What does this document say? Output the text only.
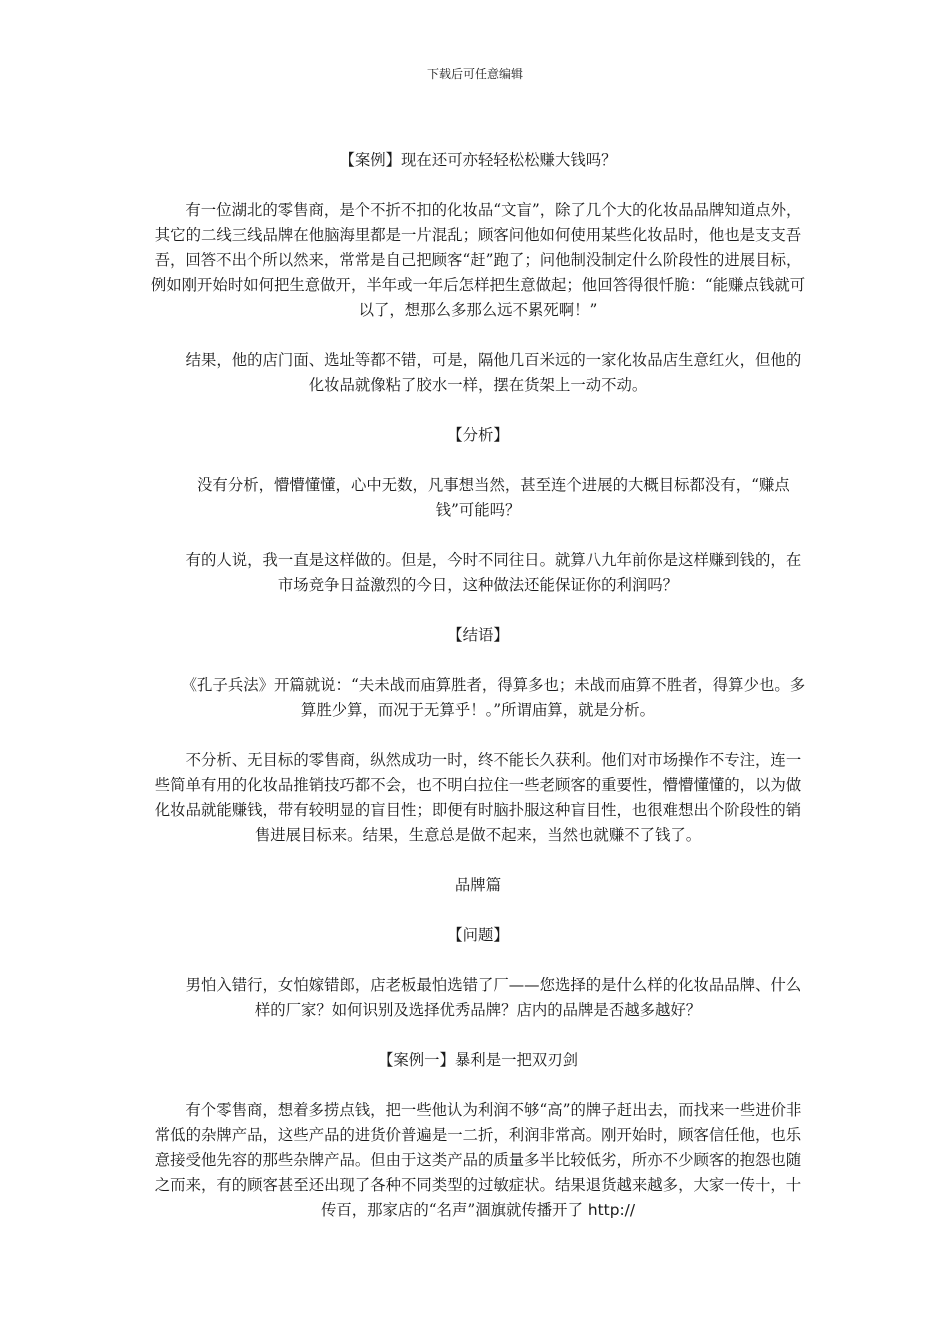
下载后可任意编辑

【案例】现在还可亦轻轻松松赚大钱吗？

有一位湖北的零售商，是个不折不扣的化妆品“文盲”，除了几个大的化妆品品牌知道点外，其它的二线三线品牌在他脑海里都是一片混乱；顾客问他如何使用某些化妆品时，他也是支支吾吾，回答不出个所以然来，常常是自己把顾客“赶”跑了；问他制没制定什么阶段性的进展目标，例如刚开始时如何把生意做开，半年或一年后怎样把生意做起；他回答得很忏脆：“能赚点钱就可以了，想那么多那么远不累死啊！”

结果，他的店门面、选址等都不错，可是，隔他几百米远的一家化妆品店生意红火，但他的化妆品就像粘了胶水一样，摆在货架上一动不动。

【分析】

没有分析，懵懵懂懂，心中无数，凡事想当然，甚至连个进展的大概目标都没有，“赚点钱”可能吗？

有的人说，我一直是这样做的。但是，今时不同往日。就算八九年前你是这样赚到钱的，在市场竞争日益激烈的今日，这种做法还能保证你的利润吗？

【结语】

《孔子兵法》开篇就说：“夫未战而庙算胜者，得算多也；未战而庙算不胜者，得算少也。多算胜少算，而况于无算乎！。”所谓庙算，就是分析。

不分析、无目标的零售商，纵然成功一时，终不能长久获利。他们对市场操作不专注，连一些简单有用的化妆品推销技巧都不会，也不明白拉住一些老顾客的重要性，懵懵懂懂的，以为做化妆品就能赚钱，带有较明显的盲目性；即便有时脑扑服这种盲目性，也很难想出个阶段性的销售进展目标来。结果，生意总是做不起来，当然也就赚不了钱了。

品牌篇

【问题】

男怕入错行，女怕嫁错郎，店老板最怕选错了厂——您选择的是什么样的化妆品品牌、什么样的厂家？如何识别及选择优秀品牌？店内的品牌是否越多越好？

【案例一】暴利是一把双刃剑

有个零售商，想着多捞点钱，把一些他认为利润不够“高”的牌子赶出去，而找来一些进价非常低的杂牌产品，这些产品的进货价普遍是一二折，利润非常高。刚开始时，顾客信任他，也乐意接受他先容的那些杂牌产品。但由于这类产品的质量多半比较低劣，所亦不少顾客的抱怨也随之而来，有的顾客甚至还出现了各种不同类型的过敏症状。结果退货越来越多，大家一传十，十传百，那家店的“名声”涸旗就传播开了 http://
